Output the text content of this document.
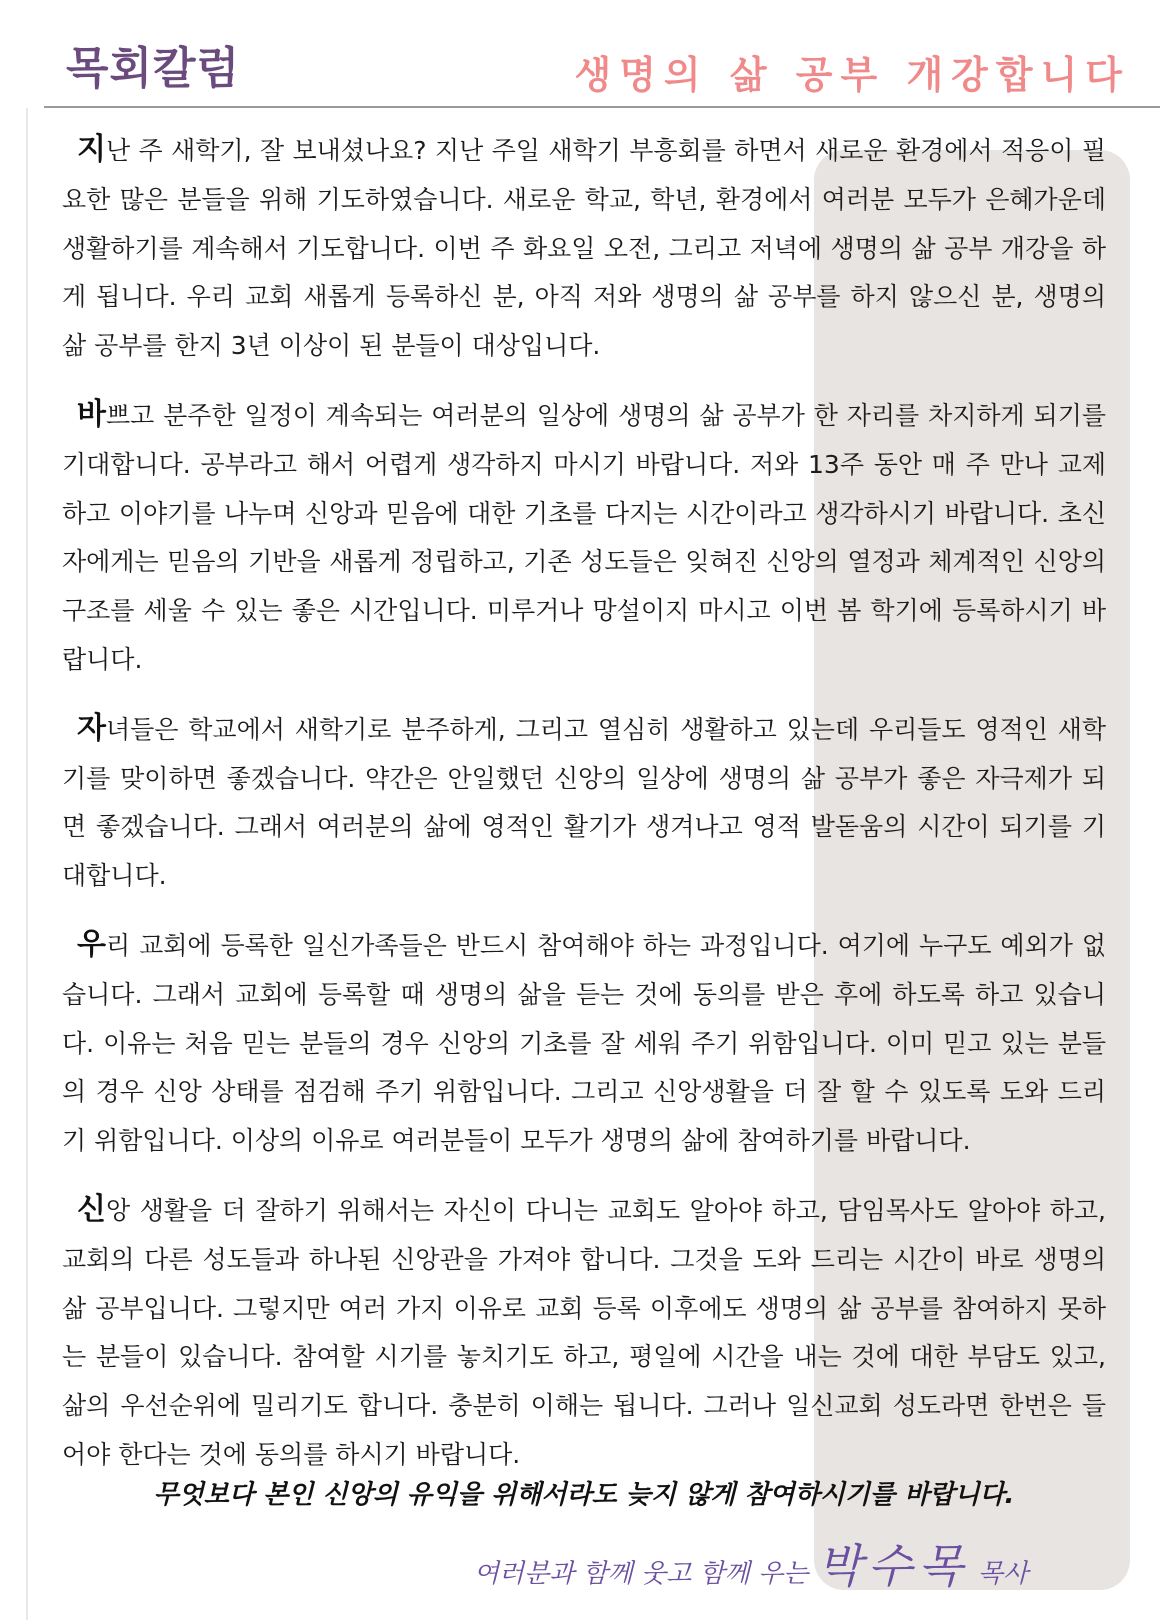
목회칼럼	생명의 삶 공부 개강합니다

지난 주 새학기, 잘 보내셨나요? 지난 주일 새학기 부흥회를 하면서 새로운 환경에서 적응이 필요한 많은 분들을 위해 기도하였습니다. 새로운 학교, 학년, 환경에서 여러분 모두가 은혜가운데 생활하기를 계속해서 기도합니다. 이번 주 화요일 오전, 그리고 저녁에 생명의 삶 공부 개강을 하게 됩니다. 우리 교회 새롭게 등록하신 분, 아직 저와 생명의 삶 공부를 하지 않으신 분, 생명의 삶 공부를 한지 3년 이상이 된 분들이 대상입니다.

바쁘고 분주한 일정이 계속되는 여러분의 일상에 생명의 삶 공부가 한 자리를 차지하게 되기를 기대합니다. 공부라고 해서 어렵게 생각하지 마시기 바랍니다. 저와 13주 동안 매 주 만나 교제하고 이야기를 나누며 신앙과 믿음에 대한 기초를 다지는 시간이라고 생각하시기 바랍니다. 초신자에게는 믿음의 기반을 새롭게 정립하고, 기존 성도들은 잊혀진 신앙의 열정과 체계적인 신앙의 구조를 세울 수 있는 좋은 시간입니다. 미루거나 망설이지 마시고 이번 봄 학기에 등록하시기 바랍니다.

자녀들은 학교에서 새학기로 분주하게, 그리고 열심히 생활하고 있는데 우리들도 영적인 새학기를 맞이하면 좋겠습니다. 약간은 안일했던 신앙의 일상에 생명의 삶 공부가 좋은 자극제가 되면 좋겠습니다. 그래서 여러분의 삶에 영적인 활기가 생겨나고 영적 발돋움의 시간이 되기를 기대합니다.

우리 교회에 등록한 일신가족들은 반드시 참여해야 하는 과정입니다. 여기에 누구도 예외가 없습니다. 그래서 교회에 등록할 때 생명의 삶을 듣는 것에 동의를 받은 후에 하도록 하고 있습니다. 이유는 처음 믿는 분들의 경우 신앙의 기초를 잘 세워 주기 위함입니다. 이미 믿고 있는 분들의 경우 신앙 상태를 점검해 주기 위함입니다. 그리고 신앙생활을 더 잘 할 수 있도록 도와 드리기 위함입니다. 이상의 이유로 여러분들이 모두가 생명의 삶에 참여하기를 바랍니다.

신앙 생활을 더 잘하기 위해서는 자신이 다니는 교회도 알아야 하고, 담임목사도 알아야 하고, 교회의 다른 성도들과 하나된 신앙관을 가져야 합니다. 그것을 도와 드리는 시간이 바로 생명의 삶 공부입니다. 그렇지만 여러 가지 이유로 교회 등록 이후에도 생명의 삶 공부를 참여하지 못하는 분들이 있습니다. 참여할 시기를 놓치기도 하고, 평일에 시간을 내는 것에 대한 부담도 있고, 삶의 우선순위에 밀리기도 합니다. 충분히 이해는 됩니다. 그러나 일신교회 성도라면 한번은 들어야 한다는 것에 동의를 하시기 바랍니다.

무엇보다 본인 신앙의 유익을 위해서라도 늦지 않게 참여하시기를 바랍니다.
여러분과 함께 웃고 함께 우는 박수목 목사
